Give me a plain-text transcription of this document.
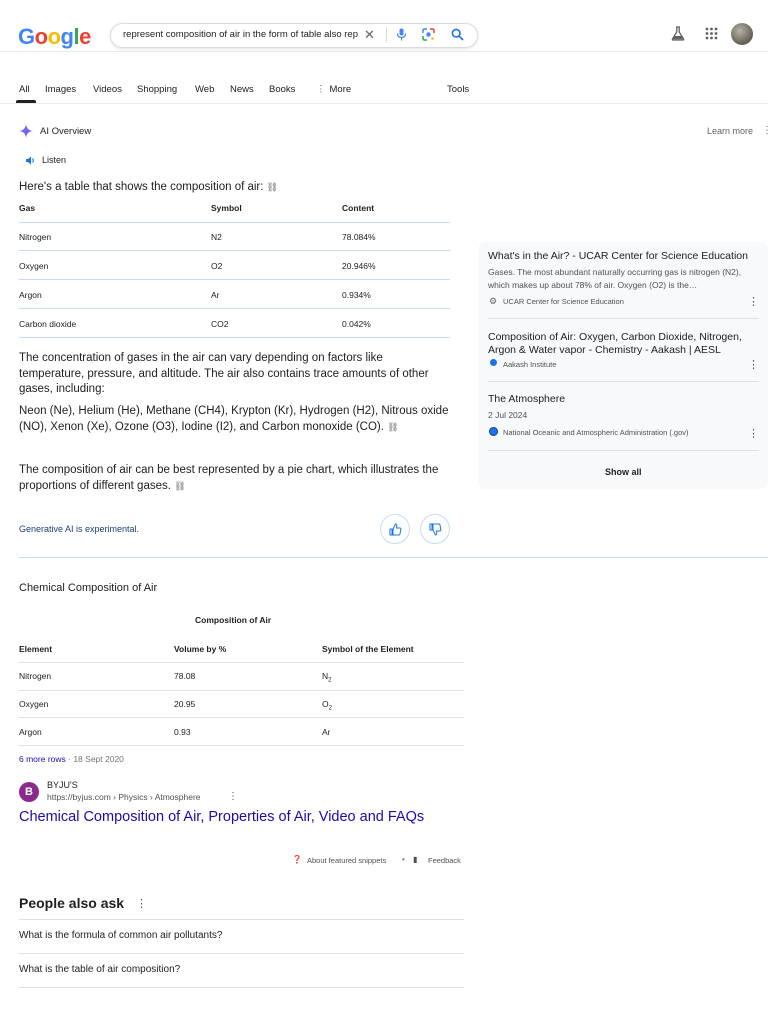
Google	represent composition of air in the form of table also rep ✕
All Images Videos Shopping Web News Books ⋮ More	Tools
AI Overview	Learn more ⋮
Listen
Here's a table that shows the composition of air: ⛓
Gas	Symbol	Content
Nitrogen	N2	78.084%
Oxygen	O2	20.946%
Argon	Ar	0.934%
Carbon dioxide	CO2	0.042%
The concentration of gases in the air can vary depending on factors like temperature, pressure, and altitude. The air also contains trace amounts of other gases, including:
Neon (Ne), Helium (He), Methane (CH4), Krypton (Kr), Hydrogen (H2), Nitrous oxide (NO), Xenon (Xe), Ozone (O3), Iodine (I2), and Carbon monoxide (CO). ⛓
The composition of air can be best represented by a pie chart, which illustrates the proportions of different gases. ⛓
Generative AI is experimental.
What's in the Air? - UCAR Center for Science Education
Gases. The most abundant naturally occurring gas is nitrogen (N2), which makes up about 78% of air. Oxygen (O2) is the…
⚙ UCAR Center for Science Education	⋮
Composition of Air: Oxygen, Carbon Dioxide, Nitrogen, Argon & Water vapor - Chemistry - Aakash | AESL
Aakash Institute	⋮
The Atmosphere
2 Jul 2024
National Oceanic and Atmospheric Administration (.gov)	⋮
Show all
Chemical Composition of Air
Composition of Air
Element	Volume by %	Symbol of the Element
Nitrogen	78.08	$N_2$
Oxygen	20.95	$O_2$
Argon	0.93	Ar
6 more rows · 18 Sept 2020
B
BYJU'S
https://byjus.com › Physics › Atmosphere	⋮
Chemical Composition of Air, Properties of Air, Video and FAQs
❓ About featured snippets • ▮ Feedback
People also ask ⋮
What is the formula of common air pollutants?
What is the table of air composition?
